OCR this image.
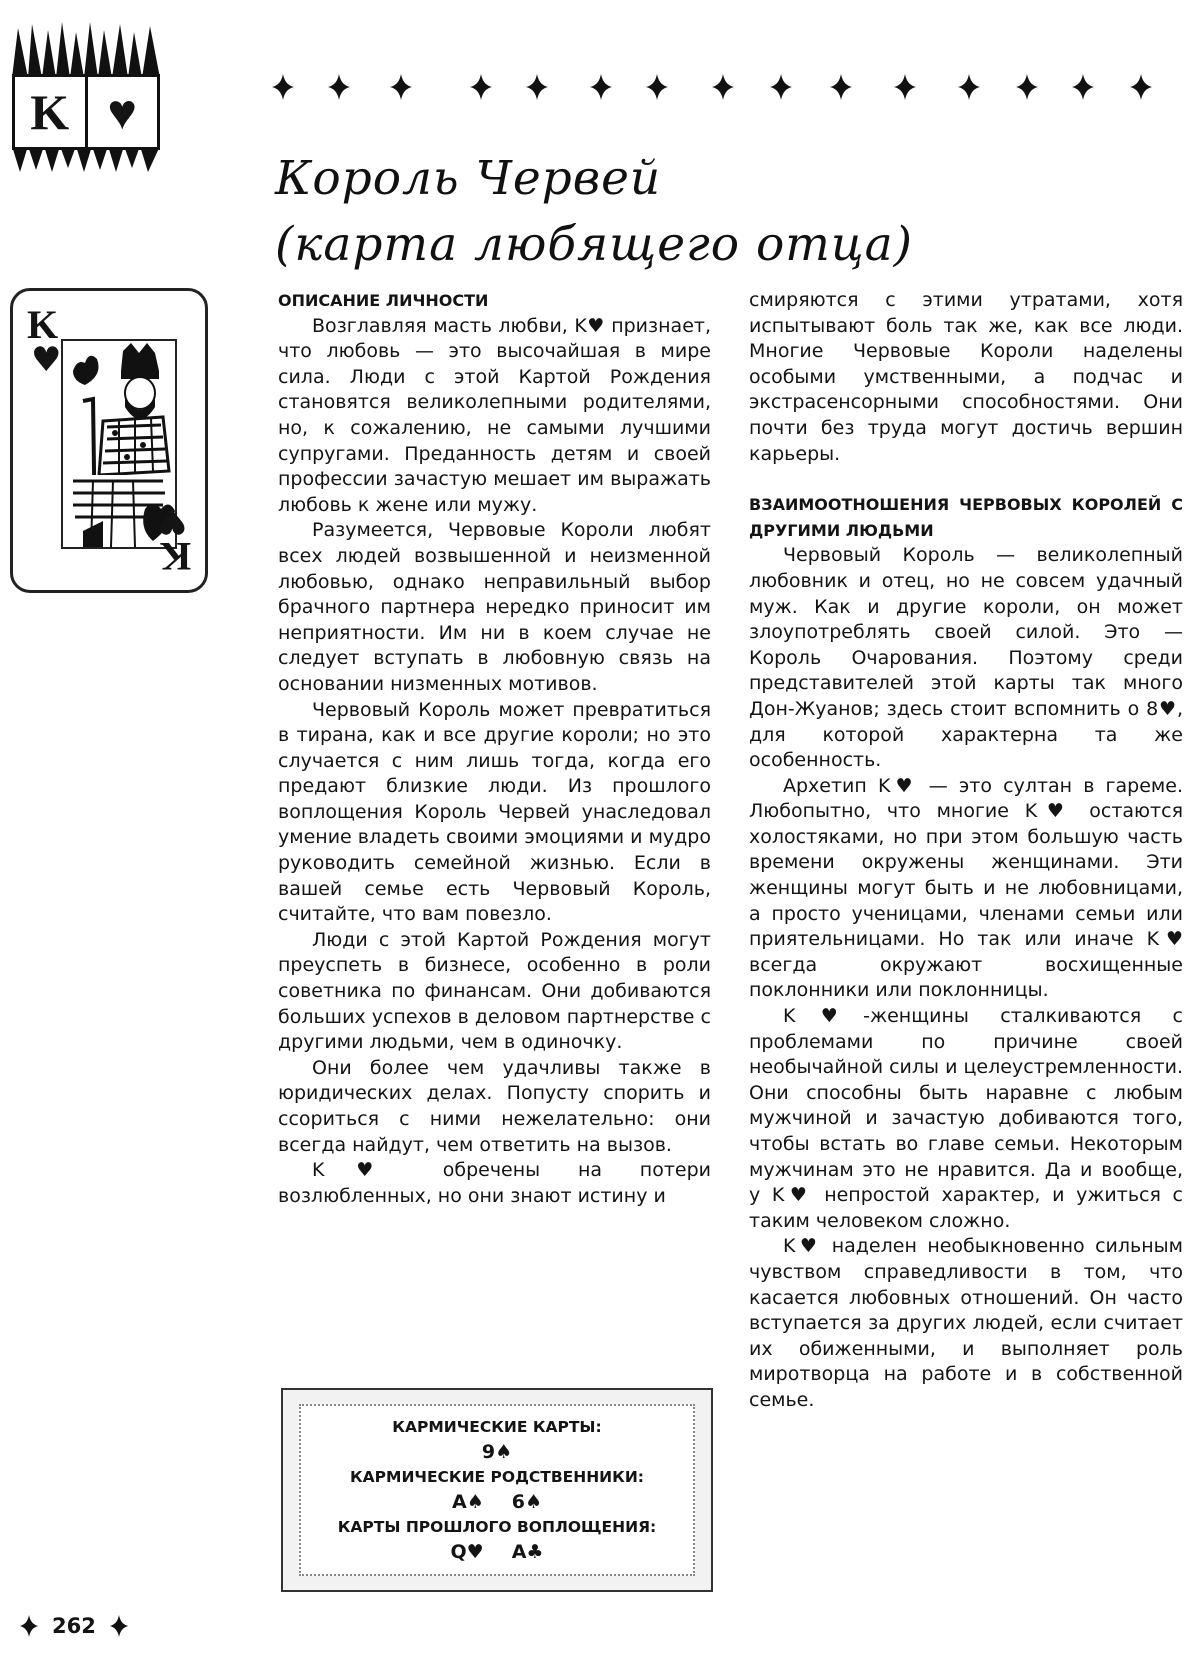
K ♥
Король Червей
(карта любящего отца)
K
♥
♥
K
ОПИСАНИЕ ЛИЧНОСТИ

Возглавляя масть любви, K♥ признает, что любовь — это высочайшая в мире сила. Люди с этой Картой Рождения становятся великолепными родителями, но, к сожалению, не самыми лучшими супругами. Преданность детям и своей профессии зачастую мешает им выражать любовь к жене или мужу.

Разумеется, Червовые Короли любят всех людей возвышенной и неизменной любовью, однако неправильный выбор брачного партнера нередко приносит им неприятности. Им ни в коем случае не следует вступать в любовную связь на основании низменных мотивов.

Червовый Король может превратиться в тирана, как и все другие короли; но это случается с ним лишь тогда, когда его предают близкие люди. Из прошлого воплощения Король Червей унаследовал умение владеть своими эмоциями и мудро руководить семейной жизнью. Если в вашей семье есть Червовый Король, считайте, что вам повезло.

Люди с этой Картой Рождения могут преуспеть в бизнесе, особенно в роли советника по финансам. Они добиваются больших успехов в деловом партнерстве с другими людьми, чем в одиночку.

Они более чем удачливы также в юридических делах. Попусту спорить и ссориться с ними нежелательно: они всегда найдут, чем ответить на вызов.

K♥ обречены на потери возлюбленных, но они знают истину и

КАРМИЧЕСКИЕ КАРТЫ:
9♠
КАРМИЧЕСКИЕ РОДСТВЕННИКИ:
A♠ 6♠
КАРТЫ ПРОШЛОГО ВОПЛОЩЕНИЯ:
Q♥ A♣

смиряются с этими утратами, хотя испытывают боль так же, как все люди. Многие Червовые Короли наделены особыми умственными, а подчас и экстрасенсорными способностями. Они почти без труда могут достичь вершин карьеры.

ВЗАИМООТНОШЕНИЯ ЧЕРВОВЫХ КОРОЛЕЙ С ДРУГИМИ ЛЮДЬМИ

Червовый Король — великолепный любовник и отец, но не совсем удачный муж. Как и другие короли, он может злоупотреблять своей силой. Это — Король Очарования. Поэтому среди представителей этой карты так много Дон-Жуанов; здесь стоит вспомнить о 8♥, для которой характерна та же особенность.

Архетип K♥ — это султан в гареме. Любопытно, что многие K♥ остаются холостяками, но при этом большую часть времени окружены женщинами. Эти женщины могут быть и не любовницами, а просто ученицами, членами семьи или приятельницами. Но так или иначе K♥ всегда окружают восхищенные поклонники или поклонницы.

K♥-женщины сталкиваются с проблемами по причине своей необычайной силы и целеустремленности. Они способны быть наравне с любым мужчиной и зачастую добиваются того, чтобы встать во главе семьи. Некоторым мужчинам это не нравится. Да и вообще, у K♥ непростой характер, и ужиться с таким человеком сложно.

K♥ наделен необыкновенно сильным чувством справедливости в том, что касается любовных отношений. Он часто вступается за других людей, если считает их обиженными, и выполняет роль миротворца на работе и в собственной семье.

262
